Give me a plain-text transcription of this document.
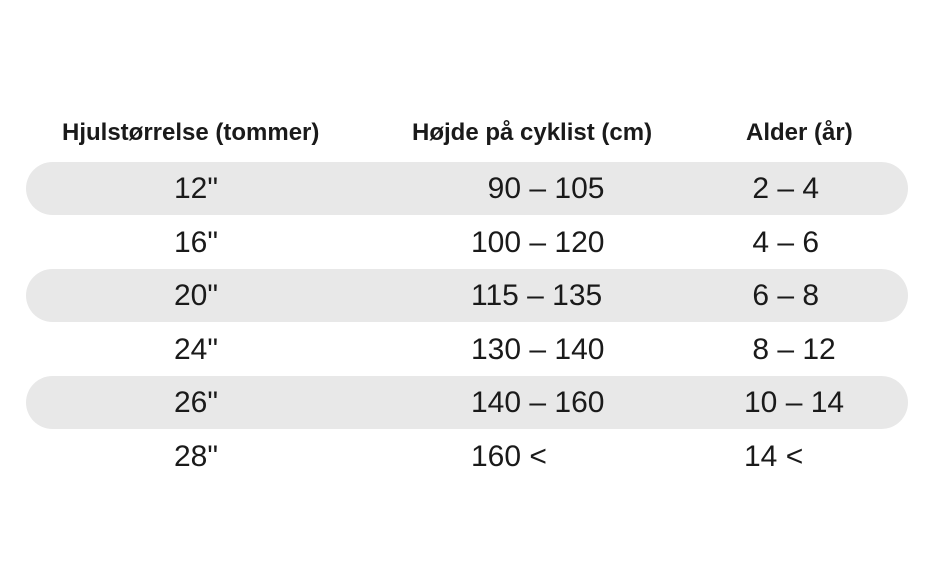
Hjulstørrelse (tommer)	Højde på cyklist (cm)	Alder (år)
12"	90 – 105	2 – 4
16"	100 – 120	4 – 6
20"	115 – 135	6 – 8
24"	130 – 140	8 – 12
26"	140 – 160	10 – 14
28"	160 <	14 <
